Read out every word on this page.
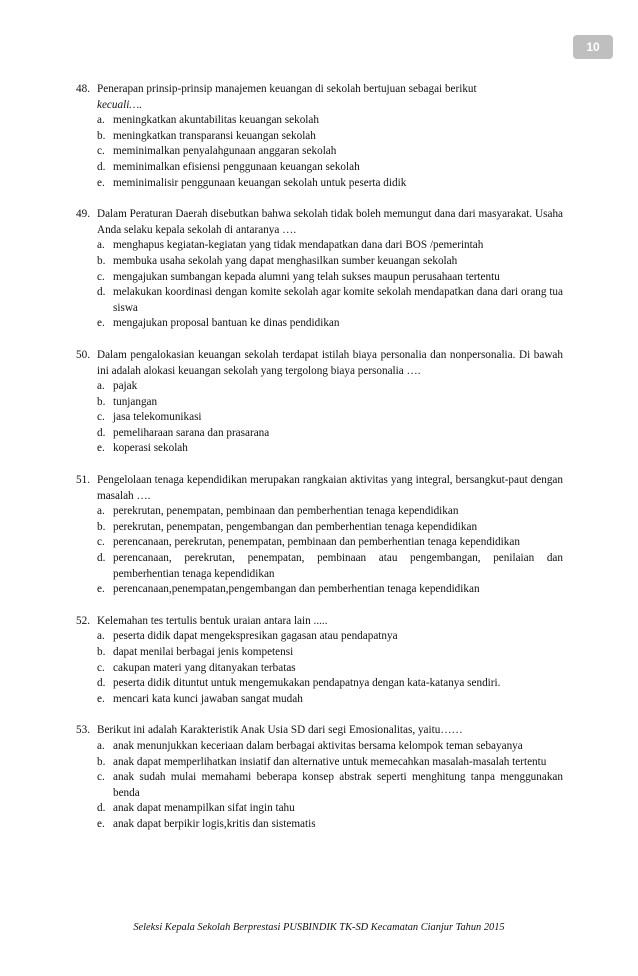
10
48. Penerapan prinsip-prinsip manajemen keuangan di sekolah bertujuan sebagai berikut
kecuali….
a. meningkatkan akuntabilitas keuangan sekolah
b. meningkatkan transparansi keuangan sekolah
c. meminimalkan penyalahgunaan anggaran sekolah
d. meminimalkan efisiensi penggunaan keuangan sekolah
e. meminimalisir penggunaan keuangan sekolah untuk peserta didik
49. Dalam Peraturan Daerah disebutkan bahwa sekolah tidak boleh memungut dana dari masyarakat. Usaha Anda selaku kepala sekolah di antaranya ….
a. menghapus kegiatan-kegiatan yang tidak mendapatkan dana dari BOS /pemerintah
b. membuka usaha sekolah yang dapat menghasilkan sumber keuangan sekolah
c. mengajukan sumbangan kepada alumni yang telah sukses maupun perusahaan tertentu
d. melakukan koordinasi dengan komite sekolah agar komite sekolah mendapatkan dana dari orang tua siswa
e. mengajukan proposal bantuan ke dinas pendidikan
50. Dalam pengalokasian keuangan sekolah terdapat istilah biaya personalia dan nonpersonalia. Di bawah ini adalah alokasi keuangan sekolah yang tergolong biaya personalia ….
a. pajak
b. tunjangan
c. jasa telekomunikasi
d. pemeliharaan sarana dan prasarana
e. koperasi sekolah
51. Pengelolaan tenaga kependidikan merupakan rangkaian aktivitas yang integral, bersangkut-paut dengan masalah ….
a. perekrutan, penempatan, pembinaan dan pemberhentian tenaga kependidikan
b. perekrutan, penempatan, pengembangan dan pemberhentian tenaga kependidikan
c. perencanaan, perekrutan, penempatan, pembinaan dan pemberhentian tenaga kependidikan
d. perencanaan, perekrutan, penempatan, pembinaan atau pengembangan, penilaian dan pemberhentian tenaga kependidikan
e. perencanaan,penempatan,pengembangan dan pemberhentian tenaga kependidikan
52. Kelemahan tes tertulis bentuk uraian antara lain .....
a. peserta didik dapat mengekspresikan gagasan atau pendapatnya
b. dapat menilai berbagai jenis kompetensi
c. cakupan materi yang ditanyakan terbatas
d. peserta didik dituntut untuk mengemukakan pendapatnya dengan kata-katanya sendiri.
e. mencari kata kunci jawaban sangat mudah
53. Berikut ini adalah Karakteristik Anak Usia SD dari segi Emosionalitas, yaitu……
a. anak menunjukkan keceriaan dalam berbagai aktivitas bersama kelompok teman sebayanya
b. anak dapat memperlihatkan insiatif dan alternative untuk memecahkan masalah-masalah tertentu
c. anak sudah mulai memahami beberapa konsep abstrak seperti menghitung tanpa menggunakan benda
d. anak dapat menampilkan sifat ingin tahu
e. anak dapat berpikir logis,kritis dan sistematis
Seleksi Kepala Sekolah Berprestasi PUSBINDIK TK-SD Kecamatan Cianjur Tahun 2015
